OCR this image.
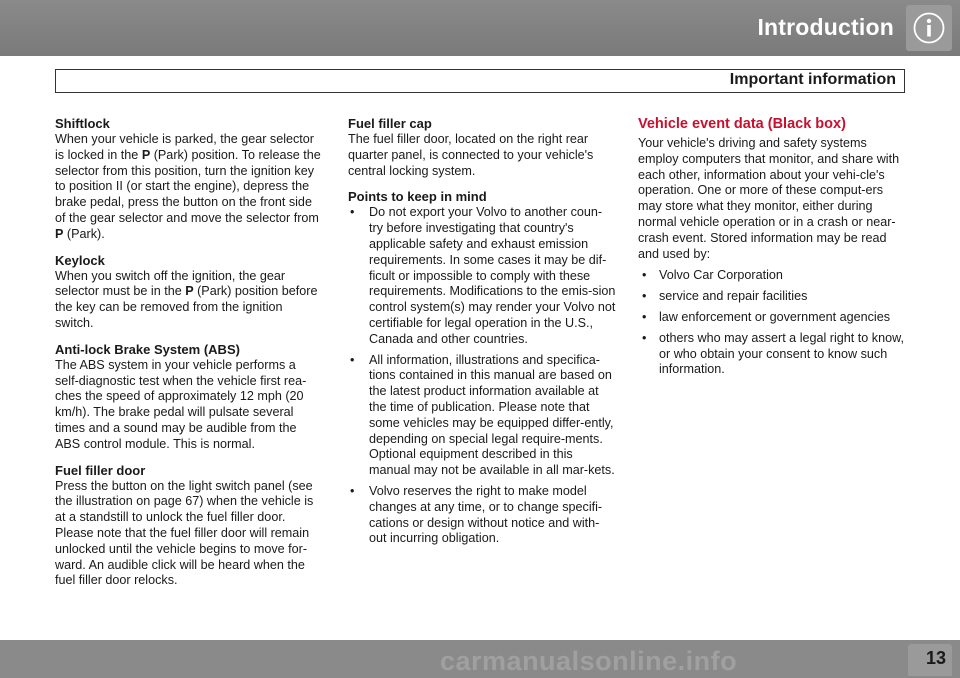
Introduction
Important information
Shiftlock

When your vehicle is parked, the gear selector is locked in the P (Park) position. To release the selector from this position, turn the ignition key to position II (or start the engine), depress the brake pedal, press the button on the front side of the gear selector and move the selector from P (Park).

Keylock

When you switch off the ignition, the gear selector must be in the P (Park) position before the key can be removed from the ignition switch.

Anti-lock Brake System (ABS)

The ABS system in your vehicle performs a self-diagnostic test when the vehicle first rea-ches the speed of approximately 12 mph (20 km/h). The brake pedal will pulsate several times and a sound may be audible from the ABS control module. This is normal.

Fuel filler door

Press the button on the light switch panel (see the illustration on page 67) when the vehicle is at a standstill to unlock the fuel filler door. Please note that the fuel filler door will remain unlocked until the vehicle begins to move for-ward. An audible click will be heard when the fuel filler door relocks.

Fuel filler cap

The fuel filler door, located on the right rear quarter panel, is connected to your vehicle's central locking system.

Points to keep in mind
• Do not export your Volvo to another coun-try before investigating that country's applicable safety and exhaust emission requirements. In some cases it may be dif-ficult or impossible to comply with these requirements. Modifications to the emis-sion control system(s) may render your Volvo not certifiable for legal operation in the U.S., Canada and other countries.
• All information, illustrations and specifica-tions contained in this manual are based on the latest product information available at the time of publication. Please note that some vehicles may be equipped differ-ently, depending on special legal require-ments. Optional equipment described in this manual may not be available in all mar-kets.
• Volvo reserves the right to make model changes at any time, or to change specifi-cations or design without notice and with-out incurring obligation.
Vehicle event data (Black box)

Your vehicle's driving and safety systems employ computers that monitor, and share with each other, information about your vehi-cle's operation. One or more of these comput-ers may store what they monitor, either during normal vehicle operation or in a crash or near-crash event. Stored information may be read and used by:

• Volvo Car Corporation
• service and repair facilities
• law enforcement or government agencies
• others who may assert a legal right to know, or who obtain your consent to know such information.
carmanualsonline.info	13
